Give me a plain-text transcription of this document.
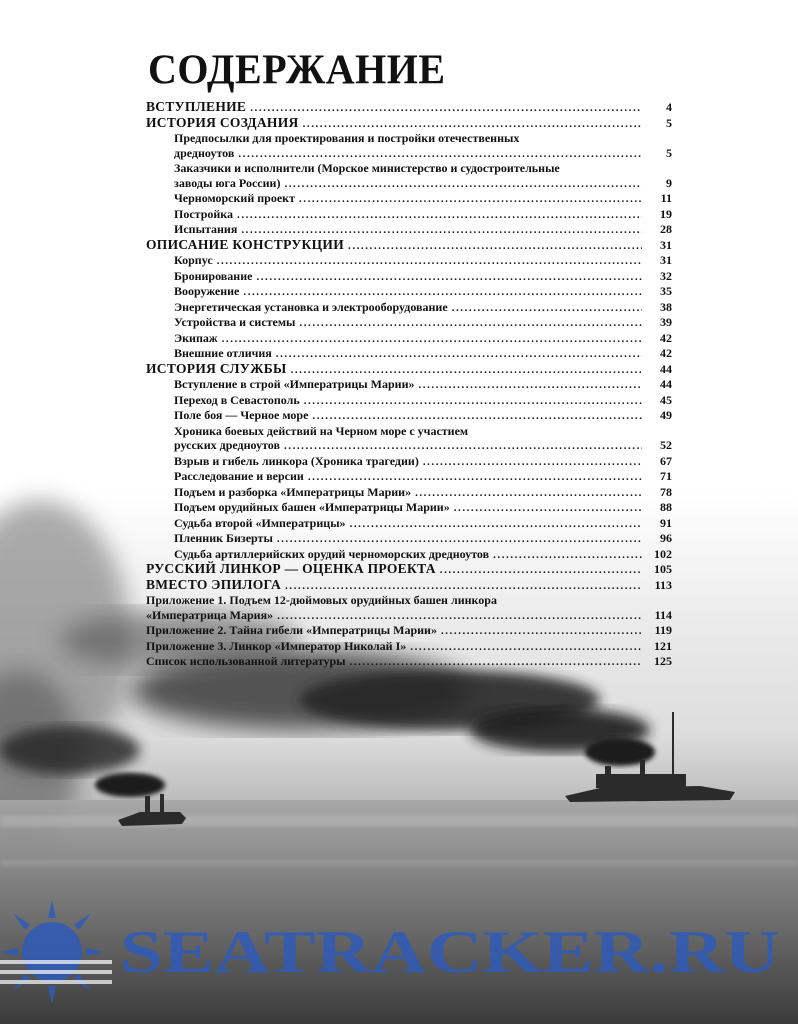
СОДЕРЖАНИЕ
ВСТУПЛЕНИЕ . . .	4
ИСТОРИЯ СОЗДАНИЯ . . .	5
Предпосылки для проектирования и постройки отечественных
дредноутов . . .	5
Заказчики и исполнители (Морское министерство и судостроительные
заводы юга России) . . .	9
Черноморский проект . . .	11
Постройка . . .	19
Испытания . . .	28
ОПИСАНИЕ КОНСТРУКЦИИ . . .	31
Корпус . . .	31
Бронирование . . .	32
Вооружение . . .	35
Энергетическая установка и электрооборудование . . .	38
Устройства и системы . . .	39
Экипаж . . .	42
Внешние отличия . . .	42
ИСТОРИЯ СЛУЖБЫ . . .	44
Вступление в строй «Императрицы Марии» . . .	44
Переход в Севастополь . . .	45
Поле боя — Черное море . . .	49
Хроника боевых действий на Черном море с участием
русских дредноутов . . .	52
Взрыв и гибель линкора (Хроника трагедии) . . .	67
Расследование и версии . . .	71
Подъем и разборка «Императрицы Марии» . . .	78
Подъем орудийных башен «Императрицы Марии» . . .	88
Судьба второй «Императрицы» . . .	91
Пленник Бизерты . . .	96
Судьба артиллерийских орудий черноморских дредноутов . . .	102
РУССКИЙ ЛИНКОР — ОЦЕНКА ПРОЕКТА . . .	105
ВМЕСТО ЭПИЛОГА . . .	113
Приложение 1. Подъем 12-дюймовых орудийных башен линкора
«Императрица Мария» . . .	114
Приложение 2. Тайна гибели «Императрицы Марии» . . .	119
Приложение 3. Линкор «Император Николай I» . . .	121
Список использованной литературы . . .	125
SEATRACKER.RU
